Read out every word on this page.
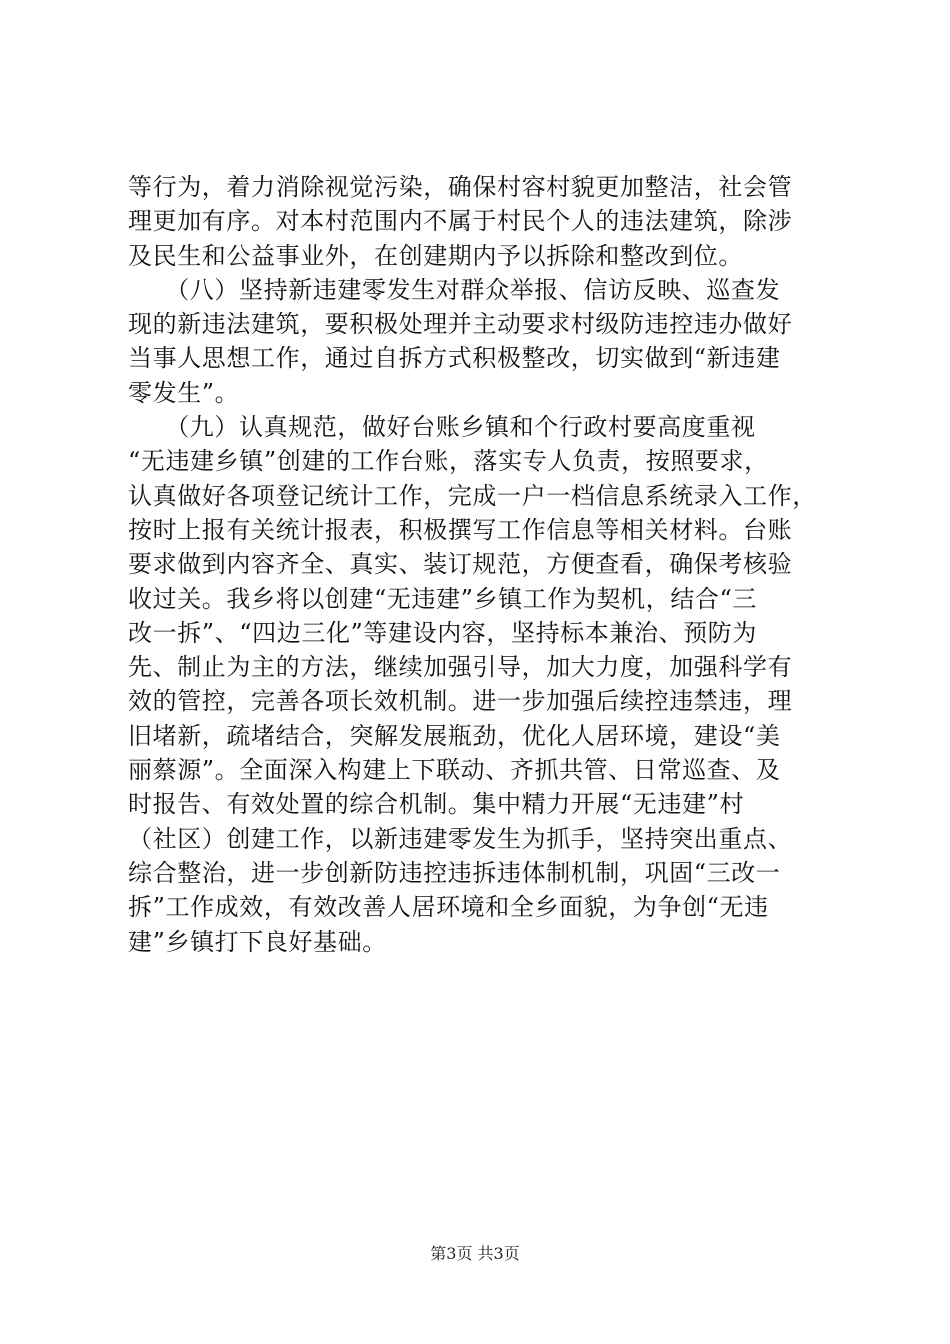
等行为，着力消除视觉污染，确保村容村貌更加整洁，社会管
理更加有序。对本村范围内不属于村民个人的违法建筑，除涉
及民生和公益事业外，在创建期内予以拆除和整改到位。
　　（八）坚持新违建零发生对群众举报、信访反映、巡查发
现的新违法建筑，要积极处理并主动要求村级防违控违办做好
当事人思想工作，通过自拆方式积极整改，切实做到“新违建
零发生”。
　　（九）认真规范，做好台账乡镇和个行政村要高度重视
“无违建乡镇”创建的工作台账，落实专人负责，按照要求，
认真做好各项登记统计工作，完成一户一档信息系统录入工作，
按时上报有关统计报表，积极撰写工作信息等相关材料。台账
要求做到内容齐全、真实、装订规范，方便查看，确保考核验
收过关。我乡将以创建“无违建”乡镇工作为契机，结合“三
改一拆”、“四边三化”等建设内容，坚持标本兼治、预防为
先、制止为主的方法，继续加强引导，加大力度，加强科学有
效的管控，完善各项长效机制。进一步加强后续控违禁违，理
旧堵新，疏堵结合，突解发展瓶劲，优化人居环境，建设“美
丽蔡源”。全面深入构建上下联动、齐抓共管、日常巡查、及
时报告、有效处置的综合机制。集中精力开展“无违建”村
（社区）创建工作，以新违建零发生为抓手，坚持突出重点、
综合整治，进一步创新防违控违拆违体制机制，巩固“三改一
拆”工作成效，有效改善人居环境和全乡面貌，为争创“无违
建”乡镇打下良好基础。
第3页 共3页
